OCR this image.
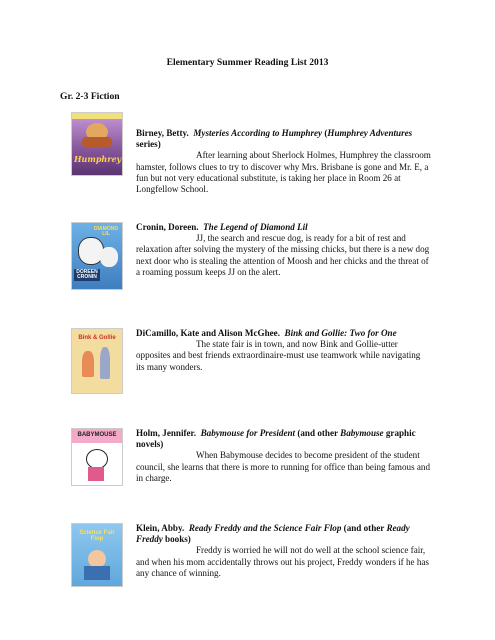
Elementary Summer Reading List 2013
Gr. 2-3 Fiction
Humphrey
Birney, Betty. Mysteries According to Humphrey (Humphrey Adventures series)
After learning about Sherlock Holmes, Humphrey the classroom hamster, follows clues to try to discover why Mrs. Brisbane is gone and Mr. E, a fun but not very educational substitute, is taking her place in Room 26 at Longfellow School.
DIAMOND LIL
DOREEN CRONIN
Cronin, Doreen. The Legend of Diamond Lil
JJ, the search and rescue dog, is ready for a bit of rest and relaxation after solving the mystery of the missing chicks, but there is a new dog next door who is stealing the attention of Moosh and her chicks and the threat of a roaming possum keeps JJ on the alert.
Bink & Gollie	DiCamillo, Kate and Alison McGhee. Bink and Gollie: Two for One
The state fair is in town, and now Bink and Gollie-utter opposites and best friends extraordinaire-must use teamwork while navigating its many wonders.
BABYMOUSE	Holm, Jennifer. Babymouse for President (and other Babymouse graphic novels)
When Babymouse decides to become president of the student council, she learns that there is more to running for office than being famous and in charge.
Science Fair Flop
Klein, Abby. Ready Freddy and the Science Fair Flop (and other Ready Freddy books)
Freddy is worried he will not do well at the school science fair, and when his mom accidentally throws out his project, Freddy wonders if he has any chance of winning.
